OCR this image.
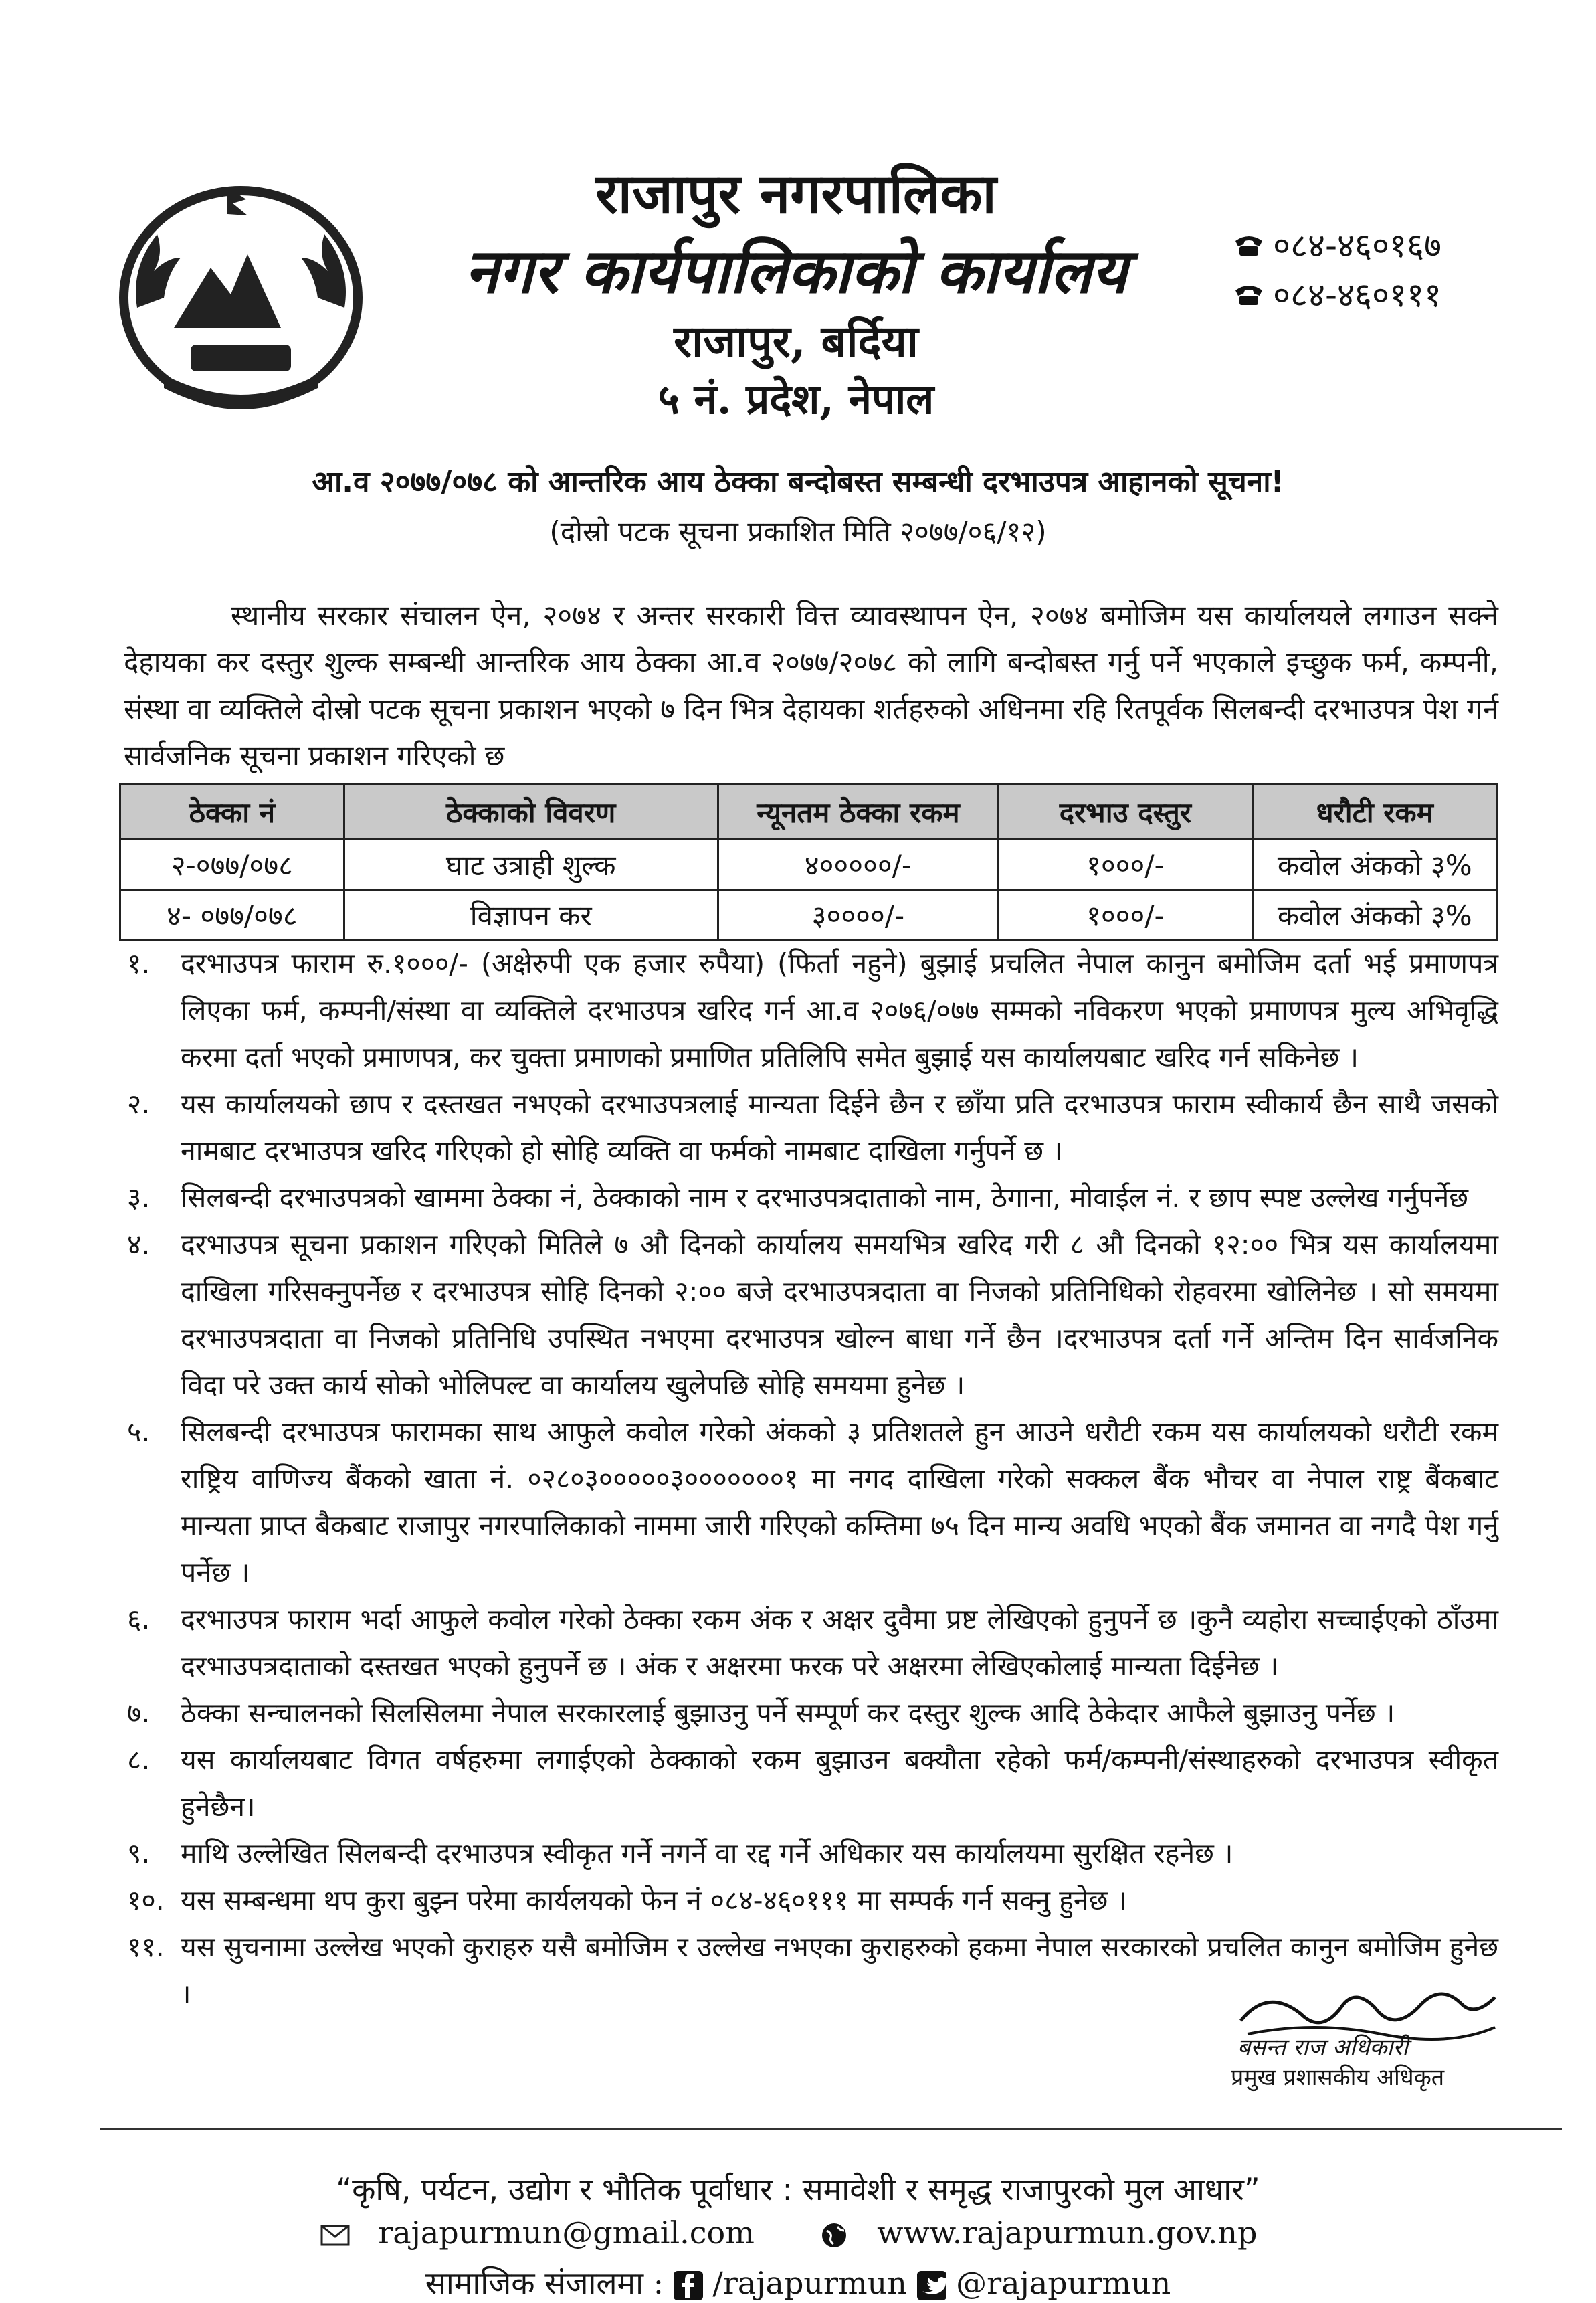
राजापुर नगरपालिका
नगर कार्यपालिकाको कार्यालय
राजापुर, बर्दिया
५ नं. प्रदेश, नेपाल
०८४-४६०१६७
०८४-४६०१११
आ.व २०७७/०७८ को आन्तरिक आय ठेक्का बन्दोबस्त सम्बन्धी दरभाउपत्र आहानको सूचना!
(दोस्रो पटक सूचना प्रकाशित मिति २०७७/०६/१२)
स्थानीय सरकार संचालन ऐन, २०७४ र अन्तर सरकारी वित्त व्यावस्थापन ऐन, २०७४ बमोजिम यस कार्यालयले लगाउन सक्ने देहायका कर दस्तुर शुल्क सम्बन्धी आन्तरिक आय ठेक्का आ.व २०७७/२०७८ को लागि बन्दोबस्त गर्नु पर्ने भएकाले इच्छुक फर्म, कम्पनी, संस्था वा व्यक्तिले दोस्रो पटक सूचना प्रकाशन भएको ७ दिन भित्र देहायका शर्तहरुको अधिनमा रहि रितपूर्वक सिलबन्दी दरभाउपत्र पेश गर्न सार्वजनिक सूचना प्रकाशन गरिएको छ
ठेक्का नं	ठेक्काको विवरण	न्यूनतम ठेक्का रकम	दरभाउ दस्तुर	धरौटी रकम
२-०७७/०७८	घाट उत्राही शुल्क	४०००००/-	१०००/-	कवोल अंकको ३%
४- ०७७/०७८	विज्ञापन कर	३००००/-	१०००/-	कवोल अंकको ३%
१.	दरभाउपत्र फाराम रु.१०००/- (अक्षेरुपी एक हजार रुपैया) (फिर्ता नहुने) बुझाई प्रचलित नेपाल कानुन बमोजिम दर्ता भई प्रमाणपत्र लिएका फर्म, कम्पनी/संस्था वा व्यक्तिले दरभाउपत्र खरिद गर्न आ.व २०७६/०७७ सम्मको नविकरण भएको प्रमाणपत्र मुल्य अभिवृद्धि करमा दर्ता भएको प्रमाणपत्र, कर चुक्ता प्रमाणको प्रमाणित प्रतिलिपि समेत बुझाई यस कार्यालयबाट खरिद गर्न सकिनेछ ।
२.	यस कार्यालयको छाप र दस्तखत नभएको दरभाउपत्रलाई मान्यता दिईने छैन र छाँया प्रति दरभाउपत्र फाराम स्वीकार्य छैन साथै जसको नामबाट दरभाउपत्र खरिद गरिएको हो सोहि व्यक्ति वा फर्मको नामबाट दाखिला गर्नुपर्ने छ ।
३.	सिलबन्दी दरभाउपत्रको खाममा ठेक्का नं, ठेक्काको नाम र दरभाउपत्रदाताको नाम, ठेगाना, मोवाईल नं. र छाप स्पष्ट उल्लेख गर्नुपर्नेछ
४.	दरभाउपत्र सूचना प्रकाशन गरिएको मितिले ७ औ दिनको कार्यालय समयभित्र खरिद गरी ८ औ दिनको १२:०० भित्र यस कार्यालयमा दाखिला गरिसक्नुपर्नेछ र दरभाउपत्र सोहि दिनको २:०० बजे दरभाउपत्रदाता वा निजको प्रतिनिधिको रोहवरमा खोलिनेछ । सो समयमा दरभाउपत्रदाता वा निजको प्रतिनिधि उपस्थित नभएमा दरभाउपत्र खोल्न बाधा गर्ने छैन ।दरभाउपत्र दर्ता गर्ने अन्तिम दिन सार्वजनिक विदा परे उक्त कार्य सोको भोलिपल्ट वा कार्यालय खुलेपछि सोहि समयमा हुनेछ ।
५.	सिलबन्दी दरभाउपत्र फारामका साथ आफुले कवोल गरेको अंकको ३ प्रतिशतले हुन आउने धरौटी रकम यस कार्यालयको धरौटी रकम राष्ट्रिय वाणिज्य बैंकको खाता नं. ०२८०३०००००३०००००००१ मा नगद दाखिला गरेको सक्कल बैंक भौचर वा नेपाल राष्ट्र बैंकबाट मान्यता प्राप्त बैकबाट राजापुर नगरपालिकाको नाममा जारी गरिएको कम्तिमा ७५ दिन मान्य अवधि भएको बैंक जमानत वा नगदै पेश गर्नु पर्नेछ ।
६.	दरभाउपत्र फाराम भर्दा आफुले कवोल गरेको ठेक्का रकम अंक र अक्षर दुवैमा प्रष्ट लेखिएको हुनुपर्ने छ ।कुनै व्यहोरा सच्चाईएको ठाँउमा दरभाउपत्रदाताको दस्तखत भएको हुनुपर्ने छ । अंक र अक्षरमा फरक परे अक्षरमा लेखिएकोलाई मान्यता दिईनेछ ।
७.	ठेक्का सन्चालनको सिलसिलमा नेपाल सरकारलाई बुझाउनु पर्ने सम्पूर्ण कर दस्तुर शुल्क आदि ठेकेदार आफैले बुझाउनु पर्नेछ ।
८.	यस कार्यालयबाट विगत वर्षहरुमा लगाईएको ठेक्काको रकम बुझाउन बक्यौता रहेको फर्म/कम्पनी/संस्थाहरुको दरभाउपत्र स्वीकृत हुनेछैन।
९.	माथि उल्लेखित सिलबन्दी दरभाउपत्र स्वीकृत गर्ने नगर्ने वा रद्द गर्ने अधिकार यस कार्यालयमा सुरक्षित रहनेछ ।
१०. यस सम्बन्धमा थप कुरा बुझ्न परेमा कार्यलयको फेन नं ०८४-४६०१११ मा सम्पर्क गर्न सक्नु हुनेछ ।
११. यस सुचनामा उल्लेख भएको कुराहरु यसै बमोजिम र उल्लेख नभएका कुराहरुको हकमा नेपाल सरकारको प्रचलित कानुन बमोजिम हुनेछ ।
बसन्त राज अधिकारी
प्रमुख प्रशासकीय अधिकृत
“कृषि, पर्यटन, उद्योग र भौतिक पूर्वाधार : समावेशी र समृद्ध राजापुरको मुल आधार”
rajapurmun@gmail.com	www.rajapurmun.gov.np
सामाजिक संजालमा : /rajapurmun @rajapurmun
